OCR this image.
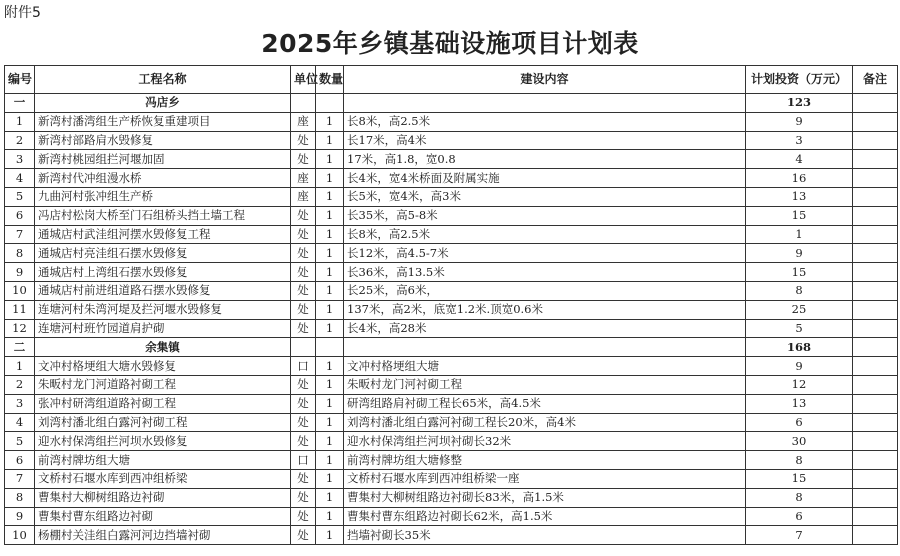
附件5
2025年乡镇基础设施项目计划表
编号	工程名称	单位	数量	建设内容	计划投资（万元）	备注
一	冯店乡				123	
1	新湾村潘湾组生产桥恢复重建项目	座	1	长8米，高2.5米	9	
2	新湾村部路肩水毁修复	处	1	长17米，高4米	3	
3	新湾村桃园组拦河堰加固	处	1	17米，高1.8，宽0.8	4	
4	新湾村代冲组漫水桥	座	1	长4米，宽4米桥面及附属实施	16	
5	九曲河村张冲组生产桥	座	1	长5米，宽4米，高3米	13	
6	冯店村松岗大桥至门石组桥头挡土墙工程	处	1	长35米，高5-8米	15	
7	通城店村武洼组河摆水毁修复工程	处	1	长8米，高2.5米	1	
8	通城店村亮洼组石摆水毁修复	处	1	长12米，高4.5-7米	9	
9	通城店村上湾组石摆水毁修复	处	1	长36米，高13.5米	15	
10	通城店村前进组道路石摆水毁修复	处	1	长25米，高6米，	8	
11	连塘河村朱湾河堤及拦河堰水毁修复	处	1	137米，高2米，底宽1.2米.顶宽0.6米	25	
12	连塘河村班竹园道肩护砌	处	1	长4米，高28米	5	
二	余集镇				168	
1	文冲村格埂组大塘水毁修复	口	1	文冲村格埂组大塘	9	
2	朱畈村龙门河道路衬砌工程	处	1	朱畈村龙门河衬砌工程	12	
3	张冲村研湾组道路衬砌工程	处	1	研湾组路肩衬砌工程长65米，高4.5米	13	
4	刘湾村潘北组白露河衬砌工程	处	1	刘湾村潘北组白露河衬砌工程长20米，高4米	6	
5	迎水村保湾组拦河坝水毁修复	处	1	迎水村保湾组拦河坝衬砌长32米	30	
6	前湾村牌坊组大塘	口	1	前湾村牌坊组大塘修整	8	
7	文桥村石堰水库到西冲组桥梁	处	1	文桥村石堰水库到西冲组桥梁一座	15	
8	曹集村大柳树组路边衬砌	处	1	曹集村大柳树组路边衬砌长83米，高1.5米	8	
9	曹集村曹东组路边衬砌	处	1	曹集村曹东组路边衬砌长62米，高1.5米	6	
10	杨棚村关洼组白露河河边挡墙衬砌	处	1	挡墙衬砌长35米	7	
